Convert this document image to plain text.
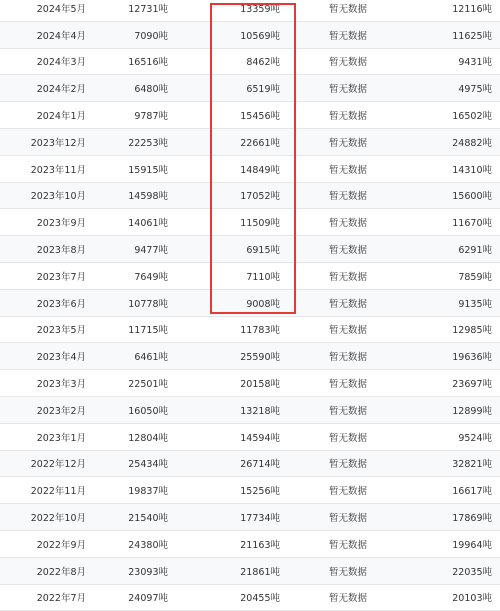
2024年5月	12731吨	13359吨	暂无数据	12116吨
2024年4月	7090吨	10569吨	暂无数据	11625吨
2024年3月	16516吨	8462吨	暂无数据	9431吨
2024年2月	6480吨	6519吨	暂无数据	4975吨
2024年1月	9787吨	15456吨	暂无数据	16502吨
2023年12月	22253吨	22661吨	暂无数据	24882吨
2023年11月	15915吨	14849吨	暂无数据	14310吨
2023年10月	14598吨	17052吨	暂无数据	15600吨
2023年9月	14061吨	11509吨	暂无数据	11670吨
2023年8月	9477吨	6915吨	暂无数据	6291吨
2023年7月	7649吨	7110吨	暂无数据	7859吨
2023年6月	10778吨	9008吨	暂无数据	9135吨
2023年5月	11715吨	11783吨	暂无数据	12985吨
2023年4月	6461吨	25590吨	暂无数据	19636吨
2023年3月	22501吨	20158吨	暂无数据	23697吨
2023年2月	16050吨	13218吨	暂无数据	12899吨
2023年1月	12804吨	14594吨	暂无数据	9524吨
2022年12月	25434吨	26714吨	暂无数据	32821吨
2022年11月	19837吨	15256吨	暂无数据	16617吨
2022年10月	21540吨	17734吨	暂无数据	17869吨
2022年9月	24380吨	21163吨	暂无数据	19964吨
2022年8月	23093吨	21861吨	暂无数据	22035吨
2022年7月	24097吨	20455吨	暂无数据	20103吨
